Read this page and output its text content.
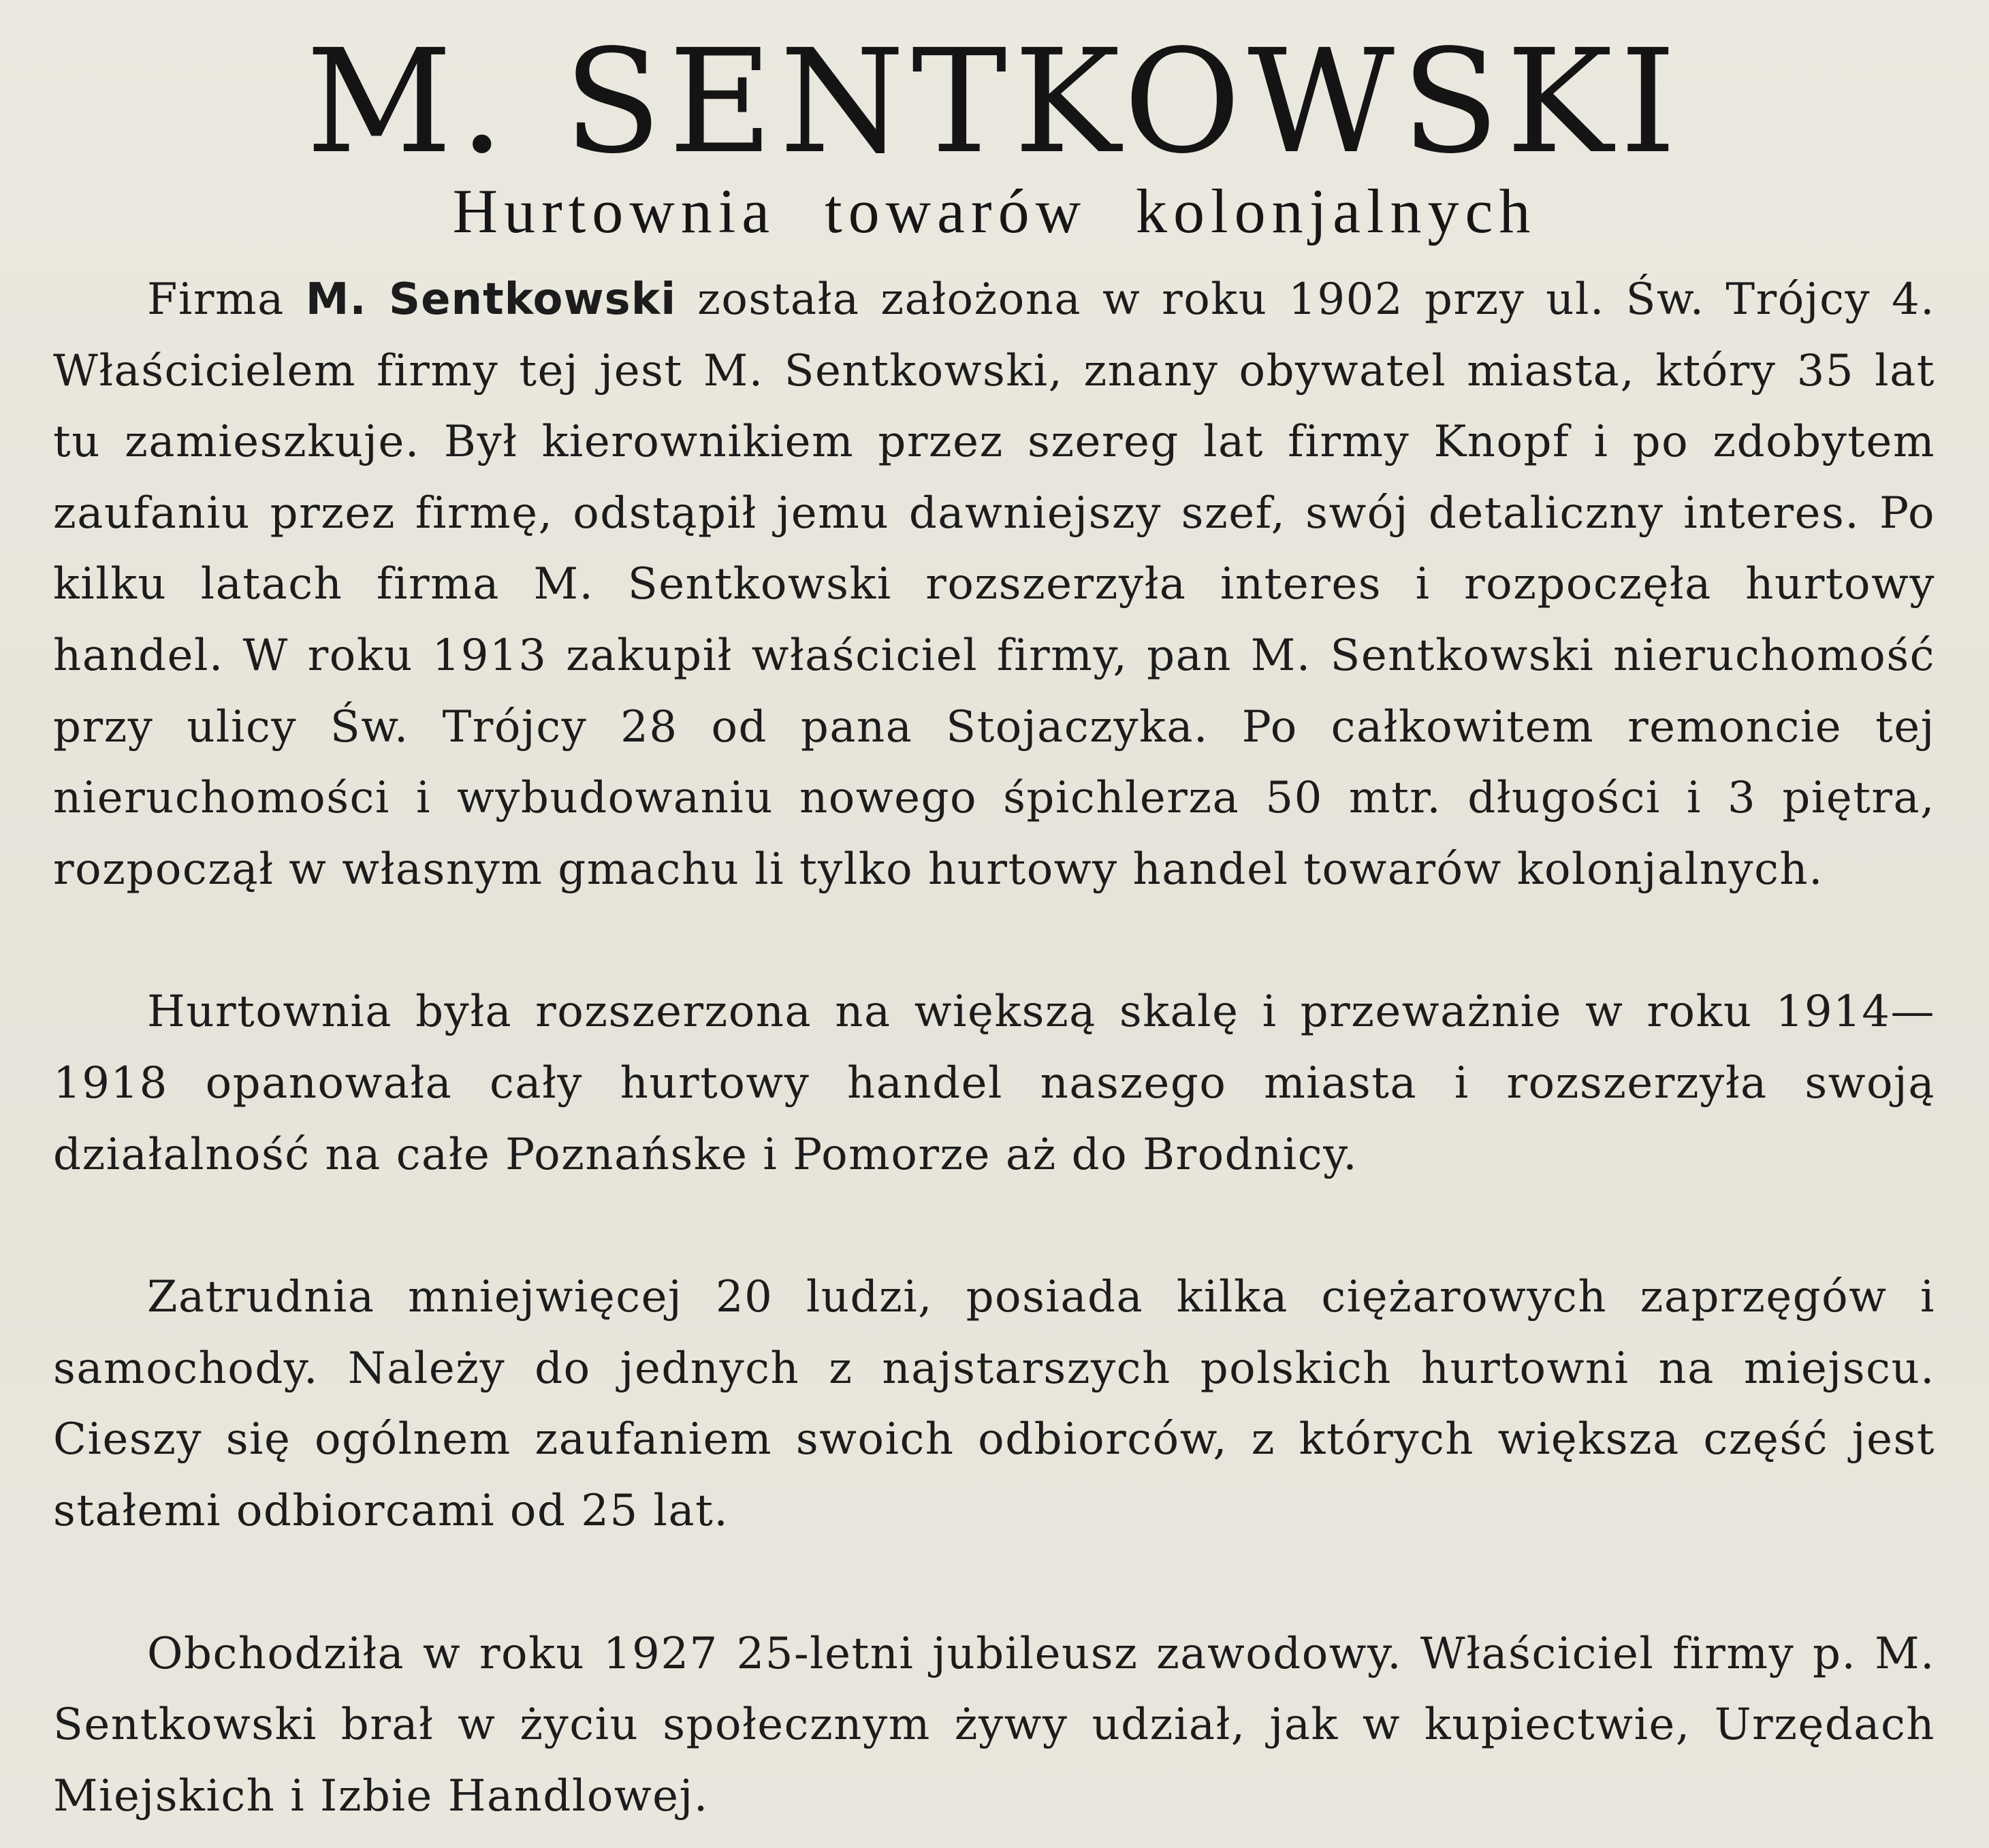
M. SENTKOWSKI
Hurtownia towarów kolonjalnych

Firma M. Sentkowski została założona w roku 1902 przy ul. Św. Trójcy 4. Właścicielem firmy tej jest M. Sentkowski, znany obywatel miasta, który 35 lat tu zamieszkuje. Był kierownikiem przez szereg lat firmy Knopf i po zdobytem zaufaniu przez firmę, odstąpił jemu dawniejszy szef, swój detaliczny interes. Po kilku latach firma M. Sentkowski rozszerzyła interes i rozpoczęła hurtowy handel. W roku 1913 zakupił właściciel firmy, pan M. Sentkowski nieruchomość przy ulicy Św. Trójcy 28 od pana Stojaczyka. Po całkowitem remoncie tej nieruchomości i wybudowaniu nowego śpichlerza 50 mtr. długości i 3 piętra, rozpoczął w własnym gmachu li tylko hurtowy handel towarów kolonjalnych.

Hurtownia była rozszerzona na większą skalę i przeważnie w roku 1914—1918 opanowała cały hurtowy handel naszego miasta i rozszerzyła swoją działalność na całe Poznańske i Pomorze aż do Brodnicy.

Zatrudnia mniejwięcej 20 ludzi, posiada kilka ciężarowych zaprzęgów i samochody. Należy do jednych z najstarszych polskich hurtowni na miejscu. Cieszy się ogólnem zaufaniem swoich odbiorców, z których większa część jest stałemi odbiorcami od 25 lat.

Obchodziła w roku 1927 25-letni jubileusz zawodowy. Właściciel firmy p. M. Sentkowski brał w życiu społecznym żywy udział, jak w kupiectwie, Urzędach Miejskich i Izbie Handlowej.
